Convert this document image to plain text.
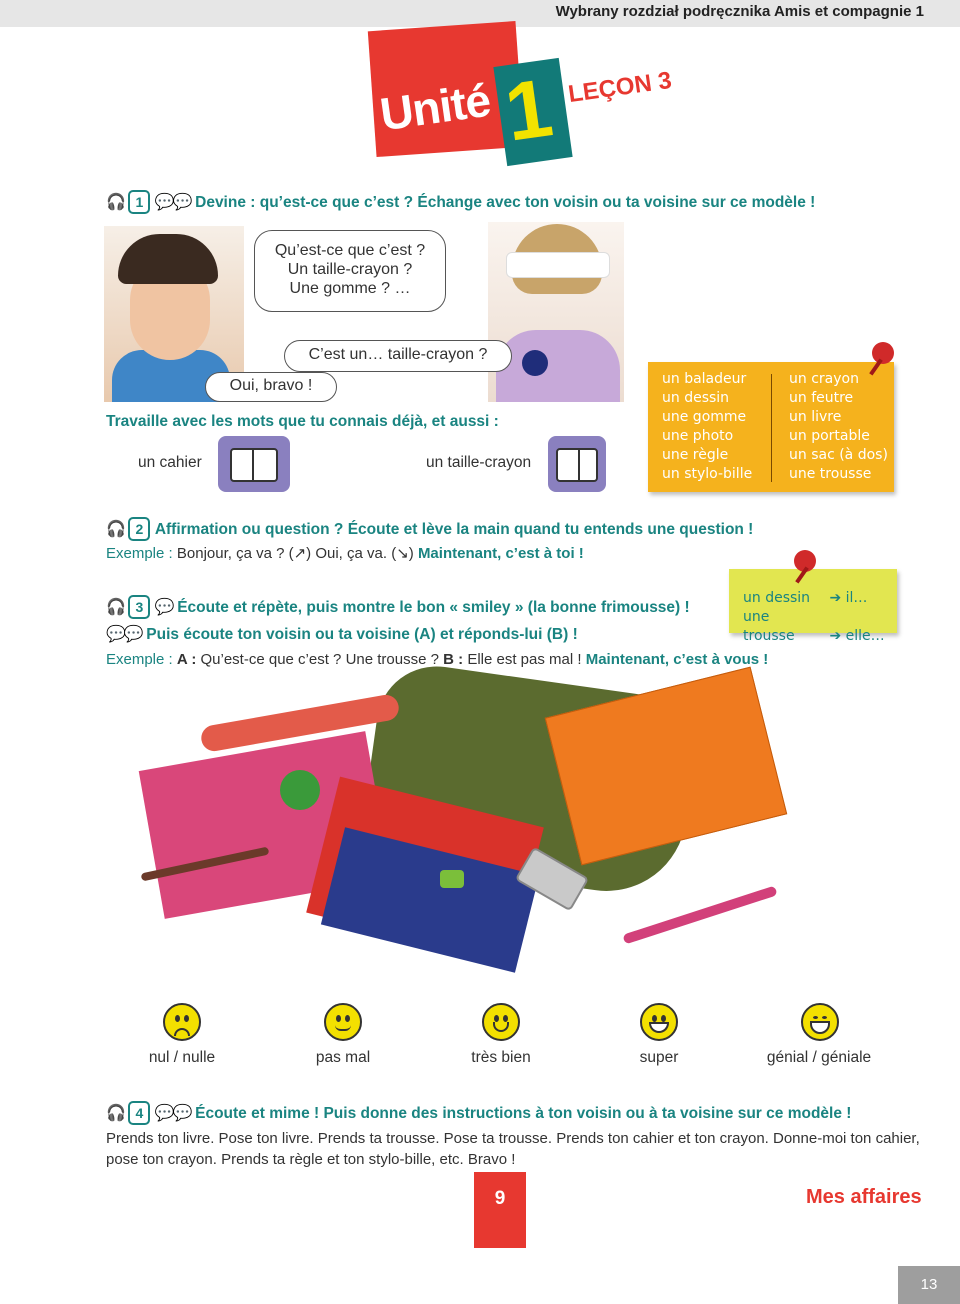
Wybrany rozdział podręcznika Amis et compagnie 1
Unité 1 LEÇON 3
🎧 1 💬💬 Devine : qu’est-ce que c’est ? Échange avec ton voisin ou ta voisine sur ce modèle !
Qu’est-ce que c’est ?
Un taille-crayon ?
Une gomme ? …
C’est un… taille-crayon ?
Oui, bravo !
Travaille avec les mots que tu connais déjà, et aussi :
un cahier	un taille-crayon
un baladeur
un dessin
une gomme
une photo
une règle
un stylo-bille
un crayon
un feutre
un livre
un portable
un sac (à dos)
une trousse
🎧 2 Affirmation ou question ? Écoute et lève la main quand tu entends une question !
Exemple : Bonjour, ça va ? (↗) Oui, ça va. (↘) Maintenant, c’est à toi !
🎧 3 💬 Écoute et répète, puis montre le bon « smiley » (la bonne frimousse) !
💬💬 Puis écoute ton voisin ou ta voisine (A) et réponds-lui (B) !
Exemple : A : Qu’est-ce que c’est ? Une trousse ? B : Elle est pas mal ! Maintenant, c’est à vous !
un dessin ➔ il…
une trousse ➔ elle…
nul / nulle	pas mal	très bien	super	génial / géniale
🎧 4 💬💬 Écoute et mime ! Puis donne des instructions à ton voisin ou à ta voisine sur ce modèle !
Prends ton livre. Pose ton livre. Prends ta trousse. Pose ta trousse. Prends ton cahier et ton crayon. Donne-moi ton cahier,
pose ton crayon. Prends ta règle et ton stylo-bille, etc. Bravo !
9	Mes affaires
13
